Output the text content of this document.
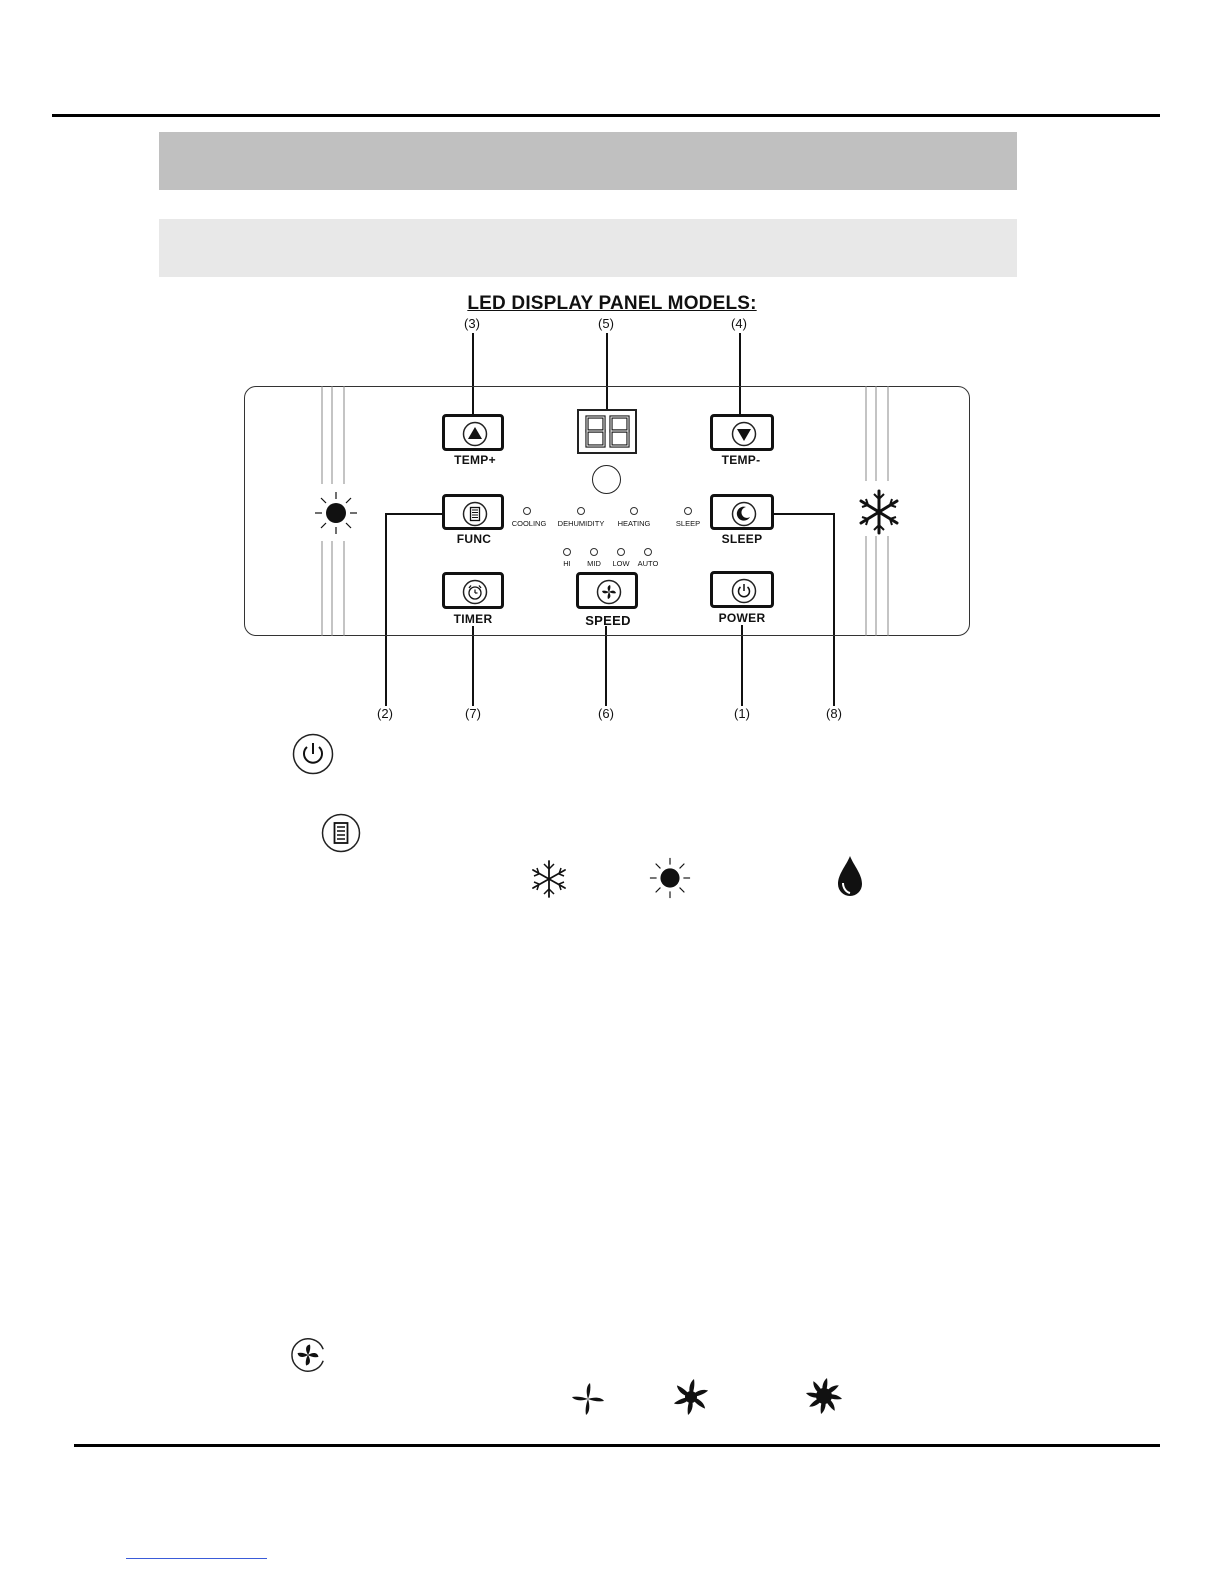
LED DISPLAY PANEL MODELS:
(3)	(5)	(4)
(2)	(7)	(6)	(1)	(8)
TEMP+	TEMP-
FUNC
COOLING	DEHUMIDITY	HEATING	SLEEP
*
SLEEP
HI	MID	LOW	AUTO
TIMER	SPEED	POWER
